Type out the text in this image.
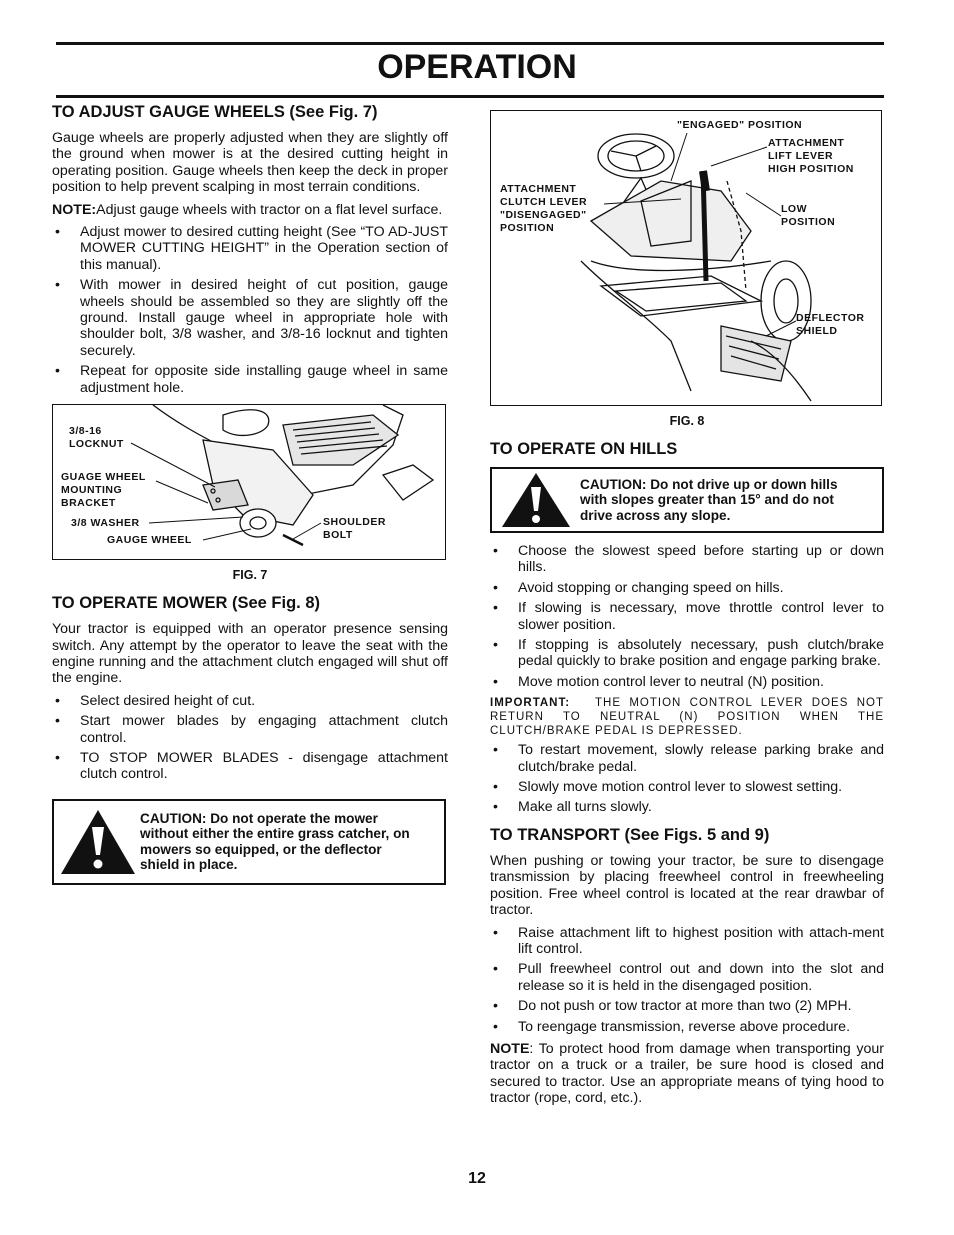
OPERATION
TO ADJUST GAUGE WHEELS (See Fig. 7)

Gauge wheels are properly adjusted when they are slightly off the ground when mower is at the desired cutting height in operating position. Gauge wheels then keep the deck in proper position to help prevent scalping in most terrain conditions.

NOTE:Adjust gauge wheels with tractor on a flat level surface.

• Adjust mower to desired cutting height (See “TO AD-JUST MOWER CUTTING HEIGHT” in the Operation section of this manual).
• With mower in desired height of cut position, gauge wheels should be assembled so they are slightly off the ground. Install gauge wheel in appropriate hole with shoulder bolt, 3/8 washer, and 3/8-16 locknut and tighten securely.
• Repeat for opposite side installing gauge wheel in same adjustment hole.
3/8-16
LOCKNUT
GUAGE WHEEL
MOUNTING
BRACKET
3/8 WASHER
GAUGE WHEEL
SHOULDER
BOLT
FIG. 7
TO OPERATE MOWER (See Fig. 8)

Your tractor is equipped with an operator presence sensing switch. Any attempt by the operator to leave the seat with the engine running and the attachment clutch engaged will shut off the engine.

• Select desired height of cut.
• Start mower blades by engaging attachment clutch control.
• TO STOP MOWER BLADES - disengage attachment clutch control.
CAUTION: Do not operate the mower without either the entire grass catcher, on mowers so equipped, or the deflector shield in place.
"ENGAGED" POSITION
ATTACHMENT
LIFT LEVER
HIGH POSITION
ATTACHMENT
CLUTCH LEVER
"DISENGAGED"
POSITION
LOW
POSITION
DEFLECTOR
SHIELD
FIG. 8
TO OPERATE ON HILLS
CAUTION: Do not drive up or down hills with slopes greater than 15° and do not drive across any slope.
• Choose the slowest speed before starting up or down hills.
• Avoid stopping or changing speed on hills.
• If slowing is necessary, move throttle control lever to slower position.
• If stopping is absolutely necessary, push clutch/brake pedal quickly to brake position and engage parking brake.
• Move motion control lever to neutral (N) position.

IMPORTANT: THE MOTION CONTROL LEVER DOES NOT RETURN TO NEUTRAL (N) POSITION WHEN THE CLUTCH/BRAKE PEDAL IS DEPRESSED.

• To restart movement, slowly release parking brake and clutch/brake pedal.
• Slowly move motion control lever to slowest setting.
• Make all turns slowly.
TO TRANSPORT (See Figs. 5 and 9)

When pushing or towing your tractor, be sure to disengage transmission by placing freewheel control in freewheeling position. Free wheel control is located at the rear drawbar of tractor.

• Raise attachment lift to highest position with attach-ment lift control.
• Pull freewheel control out and down into the slot and release so it is held in the disengaged position.
• Do not push or tow tractor at more than two (2) MPH.
• To reengage transmission, reverse above procedure.

NOTE: To protect hood from damage when transporting your tractor on a truck or a trailer, be sure hood is closed and secured to tractor. Use an appropriate means of tying hood to tractor (rope, cord, etc.).

12
